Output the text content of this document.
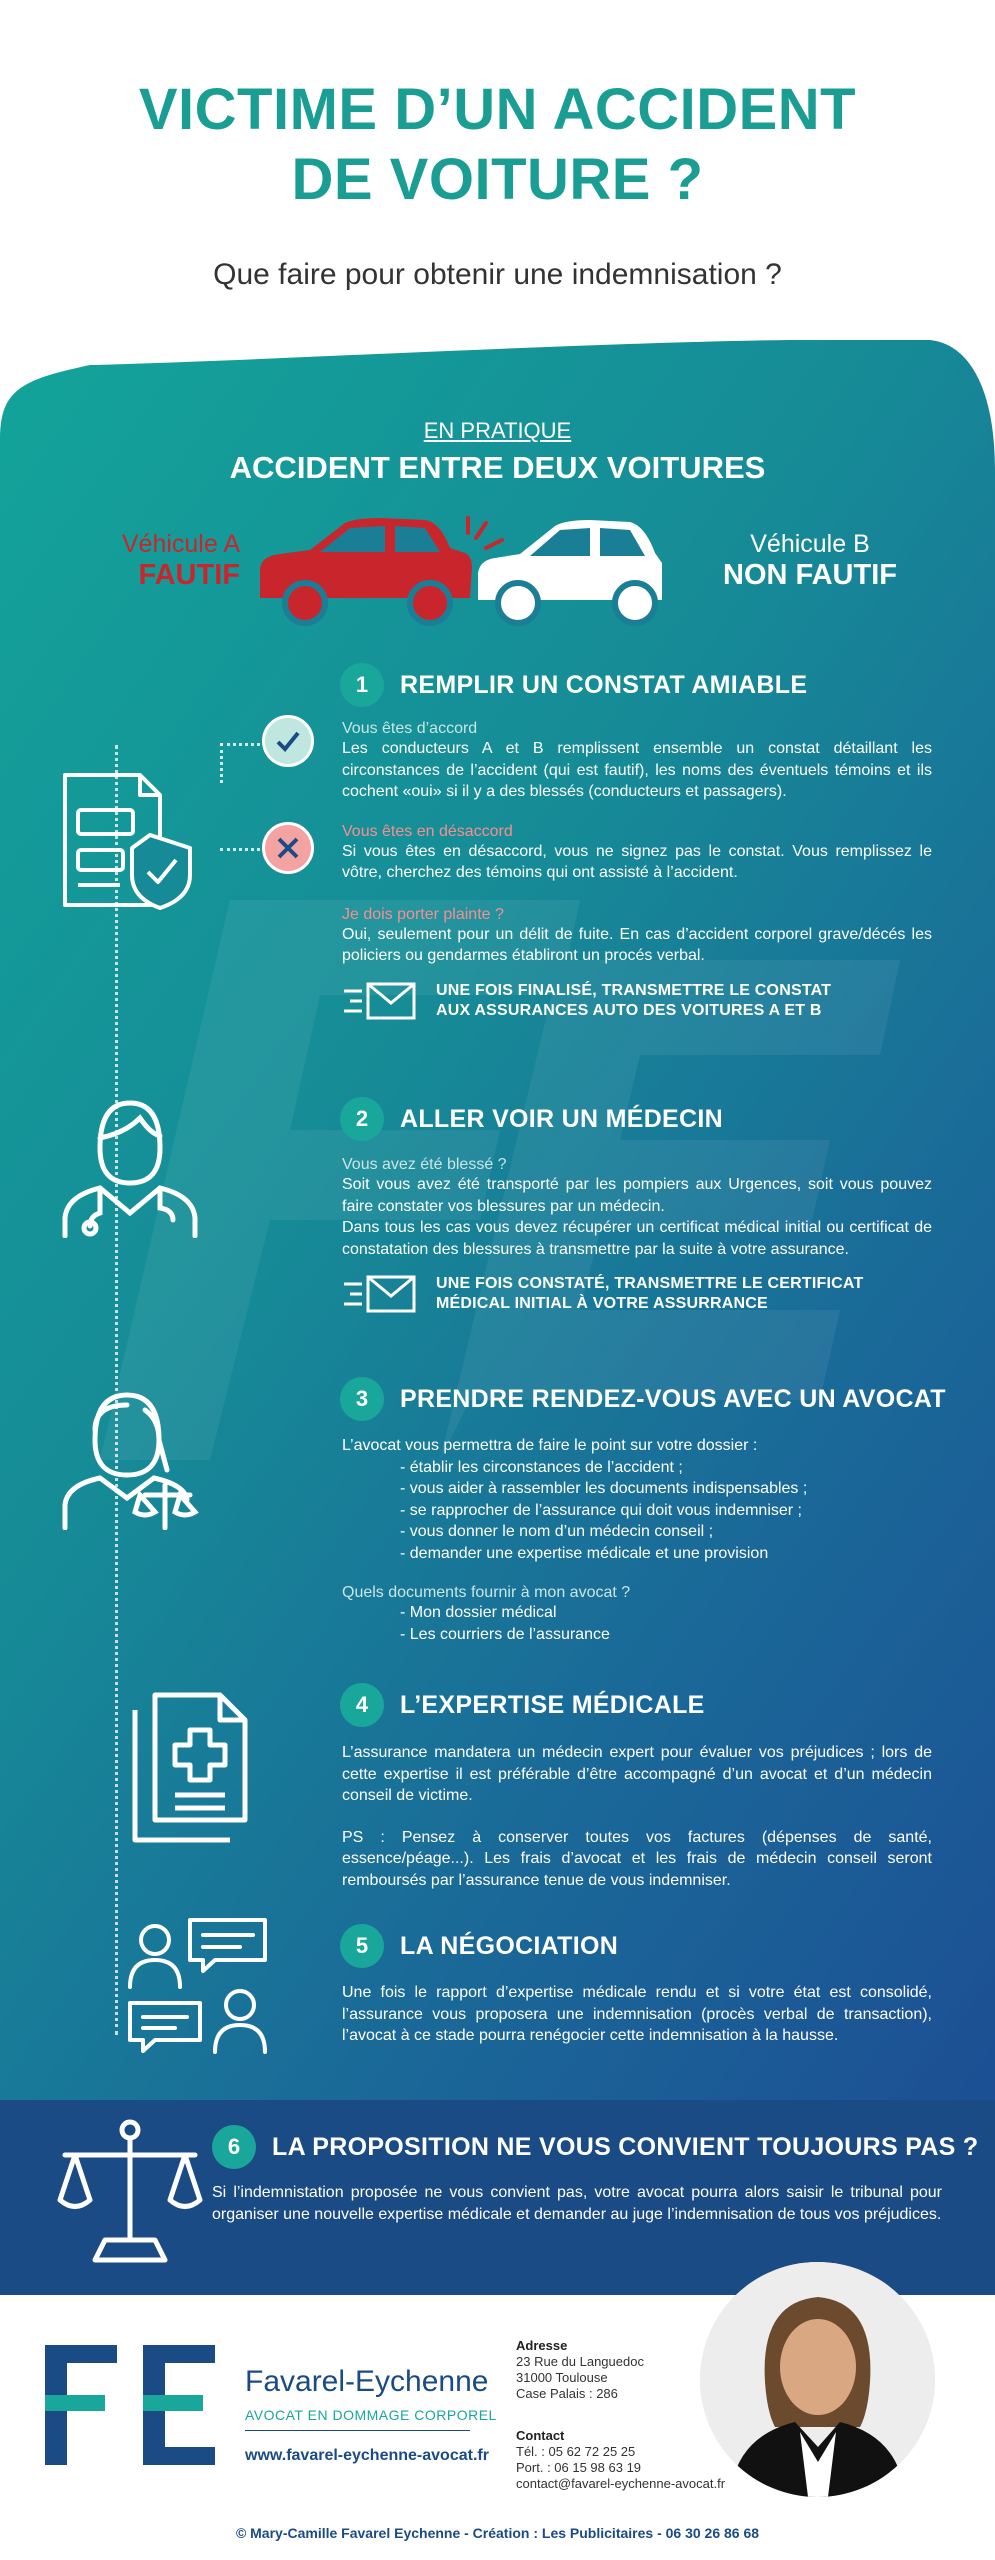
VICTIME D’UN ACCIDENT
DE VOITURE ?
Que faire pour obtenir une indemnisation ?
EN PRATIQUE
ACCIDENT ENTRE DEUX VOITURES
Véhicule A
FAUTIF
Véhicule B
NON FAUTIF
1	REMPLIR UN CONSTAT AMIABLE
Vous êtes d’accord
Les conducteurs A et B remplissent ensemble un constat détaillant les circonstances de l’accident (qui est fautif), les noms des éventuels témoins et ils cochent «oui» si il y a des blessés (conducteurs et passagers).
Vous êtes en désaccord
Si vous êtes en désaccord, vous ne signez pas le constat. Vous remplissez le vôtre, cherchez des témoins qui ont assisté à l’accident.
Je dois porter plainte ?
Oui, seulement pour un délit de fuite. En cas d’accident corporel grave/décés les policiers ou gendarmes établiront un procés verbal.
UNE FOIS FINALISÉ, TRANSMETTRE LE CONSTAT
AUX ASSURANCES AUTO DES VOITURES A ET B
2	ALLER VOIR UN MÉDECIN
Vous avez été blessé ?
Soit vous avez été transporté par les pompiers aux Urgences, soit vous pouvez faire constater vos blessures par un médecin.
Dans tous les cas vous devez récupérer un certificat médical initial ou certificat de constatation des blessures à transmettre par la suite à votre assurance.
UNE FOIS CONSTATÉ, TRANSMETTRE LE CERTIFICAT
MÉDICAL INITIAL À VOTRE ASSURRANCE
3	PRENDRE RENDEZ-VOUS AVEC UN AVOCAT
L’avocat vous permettra de faire le point sur votre dossier :
- établir les circonstances de l’accident ;
- vous aider à rassembler les documents indispensables ;
- se rapprocher de l’assurance qui doit vous indemniser ;
- vous donner le nom d’un médecin conseil ;
- demander une expertise médicale et une provision
Quels documents fournir à mon avocat ?
- Mon dossier médical
- Les courriers de l’assurance
4	L’EXPERTISE MÉDICALE
L’assurance mandatera un médecin expert pour évaluer vos préjudices ; lors de cette expertise il est préférable d’être accompagné d’un avocat et d’un médecin conseil de victime.
PS : Pensez à conserver toutes vos factures (dépenses de santé, essence/péage...). Les frais d’avocat et les frais de médecin conseil seront remboursés par l’assurance tenue de vous indemniser.
5	LA NÉGOCIATION
Une fois le rapport d’expertise médicale rendu et si votre état est consolidé, l’assurance vous proposera une indemnisation (procès verbal de transaction), l’avocat à ce stade pourra renégocier cette indemnisation à la hausse.
6	LA PROPOSITION NE VOUS CONVIENT TOUJOURS PAS ?
Si l’indemnistation proposée ne vous convient pas, votre avocat pourra alors saisir le tribunal pour organiser une nouvelle expertise médicale et demander au juge l’indemnisation de tous vos préjudices.
Favarel-Eychenne
AVOCAT EN DOMMAGE CORPOREL
www.favarel-eychenne-avocat.fr
Adresse
23 Rue du Languedoc
31000 Toulouse
Case Palais : 286
Contact
Tél. : 05 62 72 25 25
Port. : 06 15 98 63 19
contact@favarel-eychenne-avocat.fr
© Mary-Camille Favarel Eychenne - Création : Les Publicitaires - 06 30 26 86 68
